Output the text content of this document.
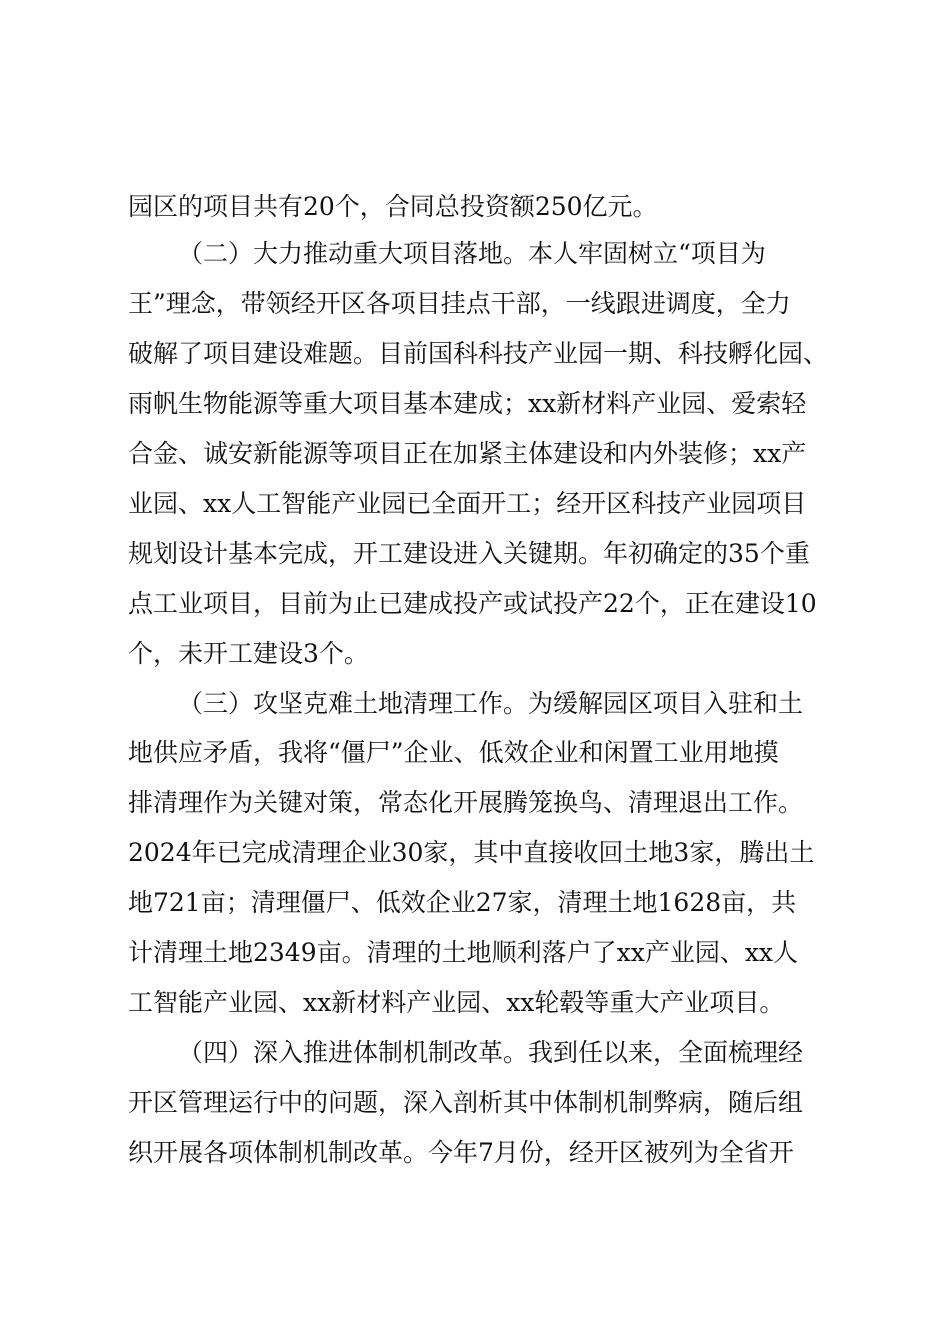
园区的项目共有20个，合同总投资额250亿元。
（二）大力推动重大项目落地。本人牢固树立“项目为
王”理念，带领经开区各项目挂点干部，一线跟进调度，全力
破解了项目建设难题。目前国科科技产业园一期、科技孵化园、
雨帆生物能源等重大项目基本建成；xx新材料产业园、爱索轻
合金、诚安新能源等项目正在加紧主体建设和内外装修；xx产
业园、xx人工智能产业园已全面开工；经开区科技产业园项目
规划设计基本完成，开工建设进入关键期。年初确定的35个重
点工业项目，目前为止已建成投产或试投产22个，正在建设10
个，未开工建设3个。
（三）攻坚克难土地清理工作。为缓解园区项目入驻和土
地供应矛盾，我将“僵尸”企业、低效企业和闲置工业用地摸
排清理作为关键对策，常态化开展腾笼换鸟、清理退出工作。
2024年已完成清理企业30家，其中直接收回土地3家，腾出土
地721亩；清理僵尸、低效企业27家，清理土地1628亩，共
计清理土地2349亩。清理的土地顺利落户了xx产业园、xx人
工智能产业园、xx新材料产业园、xx轮毂等重大产业项目。
（四）深入推进体制机制改革。我到任以来，全面梳理经
开区管理运行中的问题，深入剖析其中体制机制弊病，随后组
织开展各项体制机制改革。今年7月份，经开区被列为全省开
